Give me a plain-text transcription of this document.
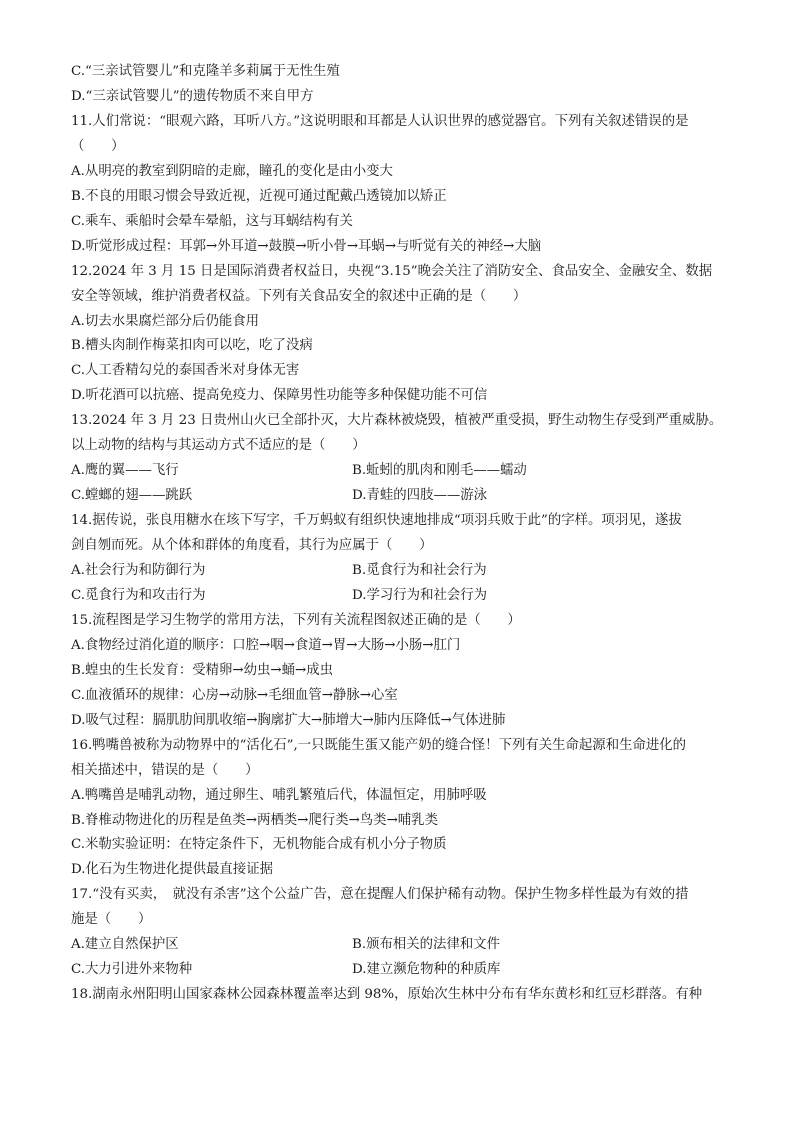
C.“三亲试管婴儿”和克隆羊多莉属于无性生殖
D.“三亲试管婴儿”的遗传物质不来自甲方
11.人们常说：“眼观六路，耳听八方。”这说明眼和耳都是人认识世界的感觉器官。下列有关叙述错误的是
（　　）
A.从明亮的教室到阴暗的走廊，瞳孔的变化是由小变大
B.不良的用眼习惯会导致近视，近视可通过配戴凸透镜加以矫正
C.乘车、乘船时会晕车晕船，这与耳蜗结构有关
D.听觉形成过程：耳郭→外耳道→鼓膜→听小骨→耳蜗→与听觉有关的神经→大脑
12.2024 年 3 月 15 日是国际消费者权益日，央视“3.15”晚会关注了消防安全、食品安全、金融安全、数据
安全等领域，维护消费者权益。下列有关食品安全的叙述中正确的是（　　）
A.切去水果腐烂部分后仍能食用
B.槽头肉制作梅菜扣肉可以吃，吃了没病
C.人工香精勾兑的泰国香米对身体无害
D.听花酒可以抗癌、提高免疫力、保障男性功能等多种保健功能不可信
13.2024 年 3 月 23 日贵州山火已全部扑灭，大片森林被烧毁，植被严重受损，野生动物生存受到严重威胁。
以上动物的结构与其运动方式不适应的是（　　）
A.鹰的翼——飞行	B.蚯蚓的肌肉和刚毛——蠕动
C.螳螂的翅——跳跃	D.青蛙的四肢——游泳
14.据传说，张良用糖水在垓下写字，千万蚂蚁有组织快速地排成“项羽兵败于此”的字样。项羽见，遂拔
剑自刎而死。从个体和群体的角度看，其行为应属于（　　）
A.社会行为和防御行为	B.觅食行为和社会行为
C.觅食行为和攻击行为	D.学习行为和社会行为
15.流程图是学习生物学的常用方法，下列有关流程图叙述正确的是（　　）
A.食物经过消化道的顺序：口腔→咽→食道→胃→大肠→小肠→肛门
B.蝗虫的生长发育：受精卵→幼虫→蛹→成虫
C.血液循环的规律：心房→动脉→毛细血管→静脉→心室
D.吸气过程：膈肌肋间肌收缩→胸廓扩大→肺增大→肺内压降低→气体进肺
16.鸭嘴兽被称为动物界中的“活化石”,一只既能生蛋又能产奶的缝合怪！下列有关生命起源和生命进化的
相关描述中，错误的是（　　）
A.鸭嘴兽是哺乳动物，通过卵生、哺乳繁殖后代，体温恒定，用肺呼吸
B.脊椎动物进化的历程是鱼类→两栖类→爬行类→鸟类→哺乳类
C.米勒实验证明：在特定条件下，无机物能合成有机小分子物质
D.化石为生物进化提供最直接证据
17.“没有买卖，　就没有杀害”这个公益广告，意在提醒人们保护稀有动物。保护生物多样性最为有效的措
施是（　　）
A.建立自然保护区	B.颁布相关的法律和文件
C.大力引进外来物种	D.建立濒危物种的种质库
18.湖南永州阳明山国家森林公园森林覆盖率达到 98%，原始次生林中分布有华东黄杉和红豆杉群落。有种
